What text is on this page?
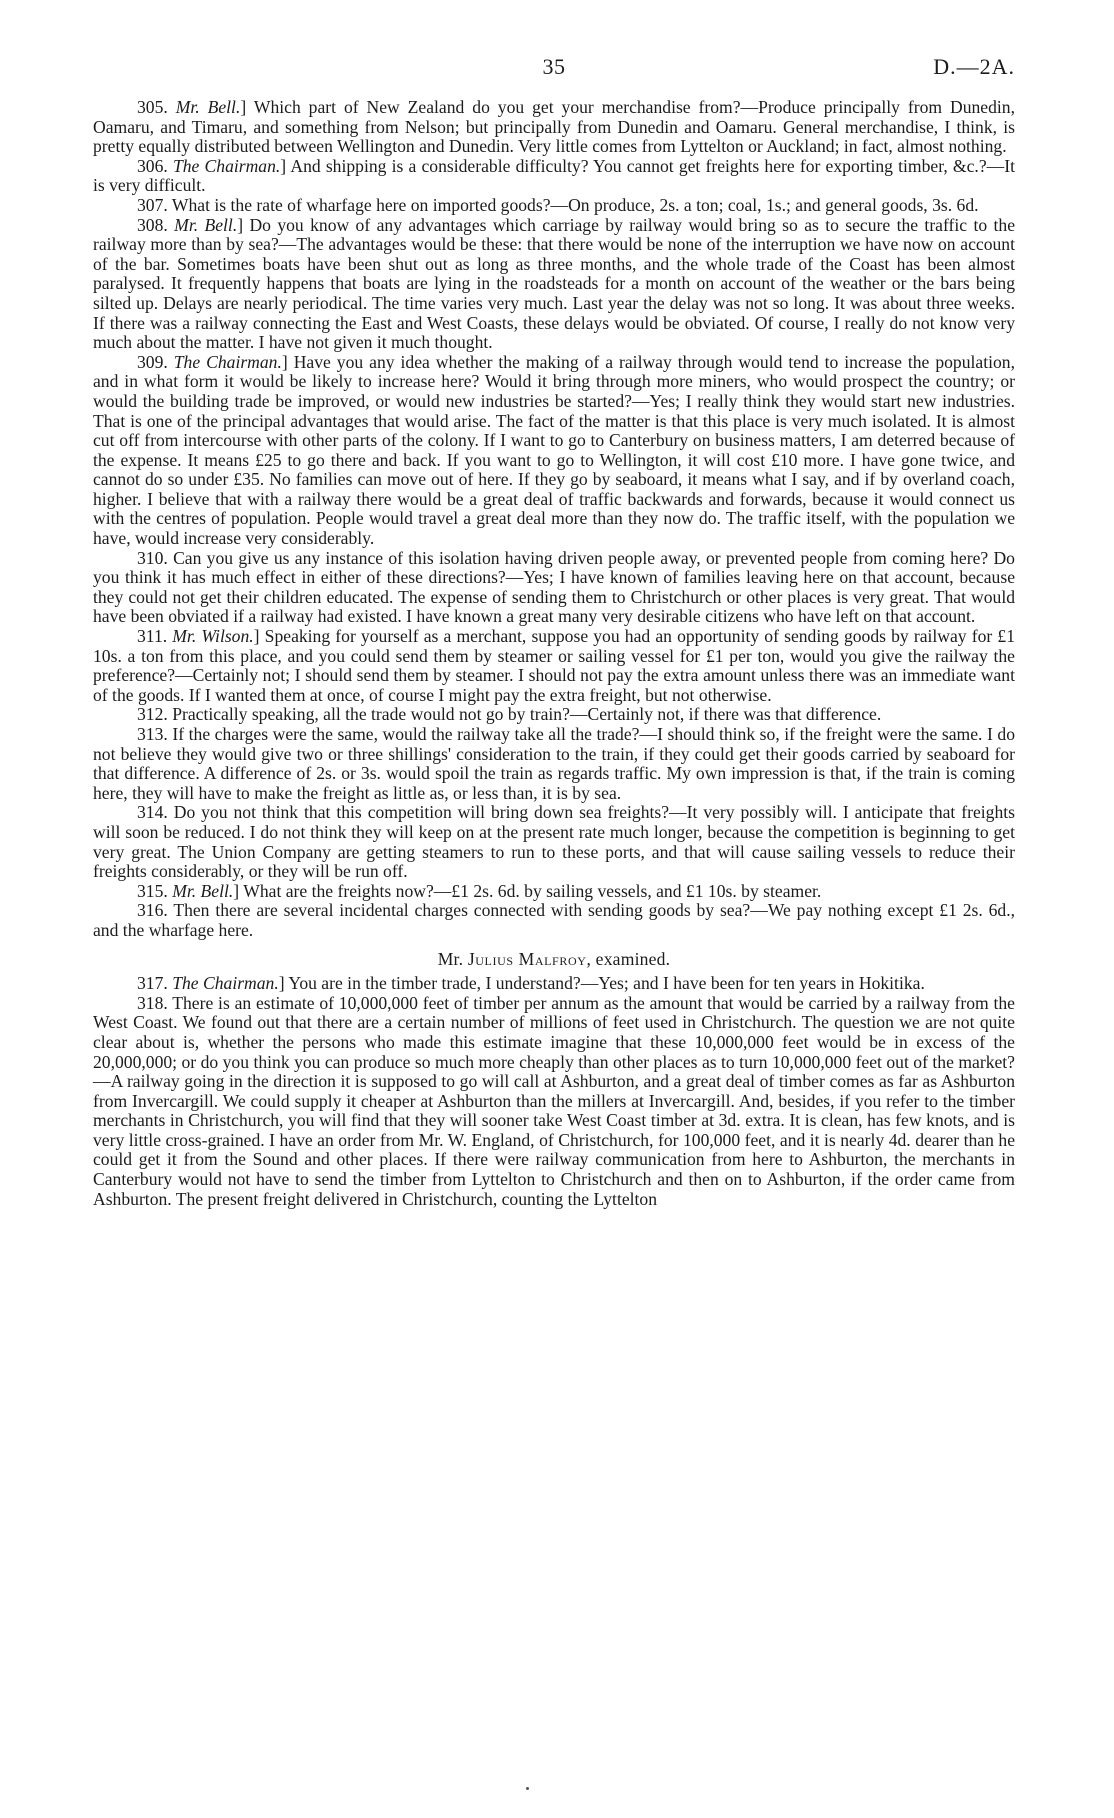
35	D.—2A.

305. Mr. Bell.] Which part of New Zealand do you get your merchandise from?—Produce principally from Dunedin, Oamaru, and Timaru, and something from Nelson; but principally from Dunedin and Oamaru. General merchandise, I think, is pretty equally distributed between Wellington and Dunedin. Very little comes from Lyttelton or Auckland; in fact, almost nothing.

306. The Chairman.] And shipping is a considerable difficulty? You cannot get freights here for exporting timber, &c.?—It is very difficult.

307. What is the rate of wharfage here on imported goods?—On produce, 2s. a ton; coal, 1s.; and general goods, 3s. 6d.

308. Mr. Bell.] Do you know of any advantages which carriage by railway would bring so as to secure the traffic to the railway more than by sea?—The advantages would be these: that there would be none of the interruption we have now on account of the bar. Sometimes boats have been shut out as long as three months, and the whole trade of the Coast has been almost paralysed. It frequently happens that boats are lying in the roadsteads for a month on account of the weather or the bars being silted up. Delays are nearly periodical. The time varies very much. Last year the delay was not so long. It was about three weeks. If there was a railway connecting the East and West Coasts, these delays would be obviated. Of course, I really do not know very much about the matter. I have not given it much thought.

309. The Chairman.] Have you any idea whether the making of a railway through would tend to increase the population, and in what form it would be likely to increase here? Would it bring through more miners, who would prospect the country; or would the building trade be improved, or would new industries be started?—Yes; I really think they would start new industries. That is one of the principal advantages that would arise. The fact of the matter is that this place is very much isolated. It is almost cut off from intercourse with other parts of the colony. If I want to go to Canterbury on business matters, I am deterred because of the expense. It means £25 to go there and back. If you want to go to Wellington, it will cost £10 more. I have gone twice, and cannot do so under £35. No families can move out of here. If they go by seaboard, it means what I say, and if by overland coach, higher. I believe that with a railway there would be a great deal of traffic backwards and forwards, because it would connect us with the centres of population. People would travel a great deal more than they now do. The traffic itself, with the population we have, would increase very considerably.

310. Can you give us any instance of this isolation having driven people away, or prevented people from coming here? Do you think it has much effect in either of these directions?—Yes; I have known of families leaving here on that account, because they could not get their children educated. The expense of sending them to Christchurch or other places is very great. That would have been obviated if a railway had existed. I have known a great many very desirable citizens who have left on that account.

311. Mr. Wilson.] Speaking for yourself as a merchant, suppose you had an opportunity of sending goods by railway for £1 10s. a ton from this place, and you could send them by steamer or sailing vessel for £1 per ton, would you give the railway the preference?—Certainly not; I should send them by steamer. I should not pay the extra amount unless there was an immediate want of the goods. If I wanted them at once, of course I might pay the extra freight, but not otherwise.

312. Practically speaking, all the trade would not go by train?—Certainly not, if there was that difference.

313. If the charges were the same, would the railway take all the trade?—I should think so, if the freight were the same. I do not believe they would give two or three shillings' consideration to the train, if they could get their goods carried by seaboard for that difference. A difference of 2s. or 3s. would spoil the train as regards traffic. My own impression is that, if the train is coming here, they will have to make the freight as little as, or less than, it is by sea.

314. Do you not think that this competition will bring down sea freights?—It very possibly will. I anticipate that freights will soon be reduced. I do not think they will keep on at the present rate much longer, because the competition is beginning to get very great. The Union Company are getting steamers to run to these ports, and that will cause sailing vessels to reduce their freights considerably, or they will be run off.

315. Mr. Bell.] What are the freights now?—£1 2s. 6d. by sailing vessels, and £1 10s. by steamer.

316. Then there are several incidental charges connected with sending goods by sea?—We pay nothing except £1 2s. 6d., and the wharfage here.

Mr. Julius Malfroy, examined.

317. The Chairman.] You are in the timber trade, I understand?—Yes; and I have been for ten years in Hokitika.

318. There is an estimate of 10,000,000 feet of timber per annum as the amount that would be carried by a railway from the West Coast. We found out that there are a certain number of millions of feet used in Christchurch. The question we are not quite clear about is, whether the persons who made this estimate imagine that these 10,000,000 feet would be in excess of the 20,000,000; or do you think you can produce so much more cheaply than other places as to turn 10,000,000 feet out of the market?—A railway going in the direction it is supposed to go will call at Ashburton, and a great deal of timber comes as far as Ashburton from Invercargill. We could supply it cheaper at Ashburton than the millers at Invercargill. And, besides, if you refer to the timber merchants in Christchurch, you will find that they will sooner take West Coast timber at 3d. extra. It is clean, has few knots, and is very little cross-grained. I have an order from Mr. W. England, of Christchurch, for 100,000 feet, and it is nearly 4d. dearer than he could get it from the Sound and other places. If there were railway communication from here to Ashburton, the merchants in Canterbury would not have to send the timber from Lyttelton to Christchurch and then on to Ashburton, if the order came from Ashburton. The present freight delivered in Christchurch, counting the Lyttelton
